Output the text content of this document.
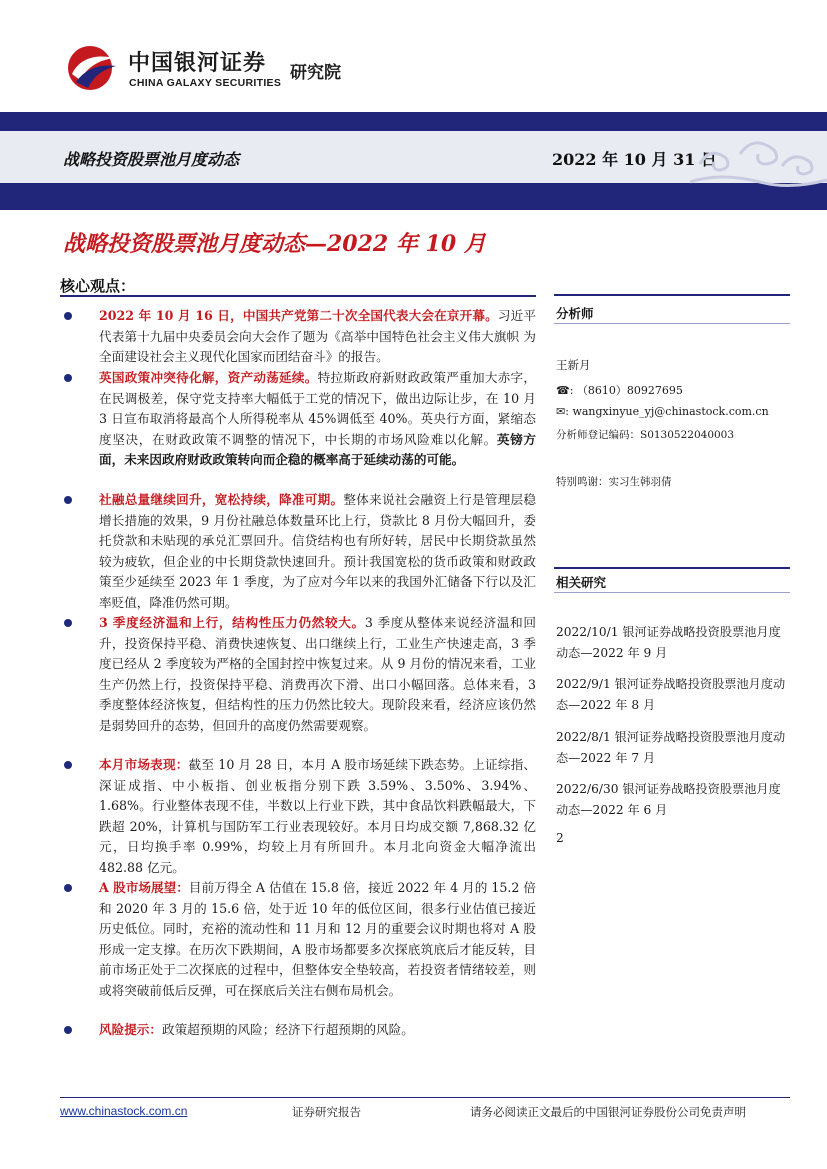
中国银河证券
CHINA GALAXY SECURITIES 研究院
战略投资股票池月度动态	2022 年 10 月 31 日
战略投资股票池月度动态—2022 年 10 月
核心观点：
2022 年 10 月 16 日，中国共产党第二十次全国代表大会在京开幕。习近平代表第十九届中央委员会向大会作了题为《高举中国特色社会主义伟大旗帜 为全面建设社会主义现代化国家而团结奋斗》的报告。
英国政策冲突待化解，资产动荡延续。特拉斯政府新财政政策严重加大赤字，在民调极差，保守党支持率大幅低于工党的情况下，做出边际让步，在 10 月 3 日宣布取消将最高个人所得税率从 45%调低至 40%。英央行方面，紧缩态度坚决，在财政政策不调整的情况下，中长期的市场风险难以化解。英镑方面，未来因政府财政政策转向而企稳的概率高于延续动荡的可能。
社融总量继续回升，宽松持续，降准可期。整体来说社会融资上行是管理层稳增长措施的效果，9 月份社融总体数量环比上行，贷款比 8 月份大幅回升，委托贷款和未贴现的承兑汇票回升。信贷结构也有所好转，居民中长期贷款虽然较为疲软，但企业的中长期贷款快速回升。预计我国宽松的货币政策和财政政策至少延续至 2023 年 1 季度，为了应对今年以来的我国外汇储备下行以及汇率贬值，降准仍然可期。
3 季度经济温和上行，结构性压力仍然较大。3 季度从整体来说经济温和回升，投资保持平稳、消费快速恢复、出口继续上行，工业生产快速走高，3 季度已经从 2 季度较为严格的全国封控中恢复过来。从 9 月份的情况来看，工业生产仍然上行，投资保持平稳、消费再次下滑、出口小幅回落。总体来看，3 季度整体经济恢复，但结构性的压力仍然比较大。现阶段来看，经济应该仍然是弱势回升的态势，但回升的高度仍然需要观察。
本月市场表现：截至 10 月 28 日，本月 A 股市场延续下跌态势。上证综指、深证成指、中小板指、创业板指分别下跌 3.59%、3.50%、3.94%、1.68%。行业整体表现不佳，半数以上行业下跌，其中食品饮料跌幅最大，下跌超 20%，计算机与国防军工行业表现较好。本月日均成交额 7,868.32 亿元，日均换手率 0.99%，均较上月有所回升。本月北向资金大幅净流出 482.88 亿元。
A 股市场展望：目前万得全 A 估值在 15.8 倍，接近 2022 年 4 月的 15.2 倍和 2020 年 3 月的 15.6 倍，处于近 10 年的低位区间，很多行业估值已接近历史低位。同时，充裕的流动性和 11 月和 12 月的重要会议时期也将对 A 股形成一定支撑。在历次下跌期间，A 股市场都要多次探底筑底后才能反转，目前市场正处于二次探底的过程中，但整体安全垫较高，若投资者情绪较差，则或将突破前低后反弹，可在探底后关注右侧布局机会。
风险提示：政策超预期的风险；经济下行超预期的风险。
分析师
王新月
☎: （8610）80927695
✉: wangxinyue_yj@chinastock.com.cn
分析师登记编码：S0130522040003
特别鸣谢：实习生韩羽倩
相关研究
2022/10/1 银河证券战略投资股票池月度动态—2022 年 9 月
2022/9/1 银河证券战略投资股票池月度动态—2022 年 8 月
2022/8/1 银河证券战略投资股票池月度动态—2022 年 7 月
2022/6/30 银河证券战略投资股票池月度动态—2022 年 6 月
2
www.chinastock.com.cn	证券研究报告	请务必阅读正文最后的中国银河证券股份公司免责声明
